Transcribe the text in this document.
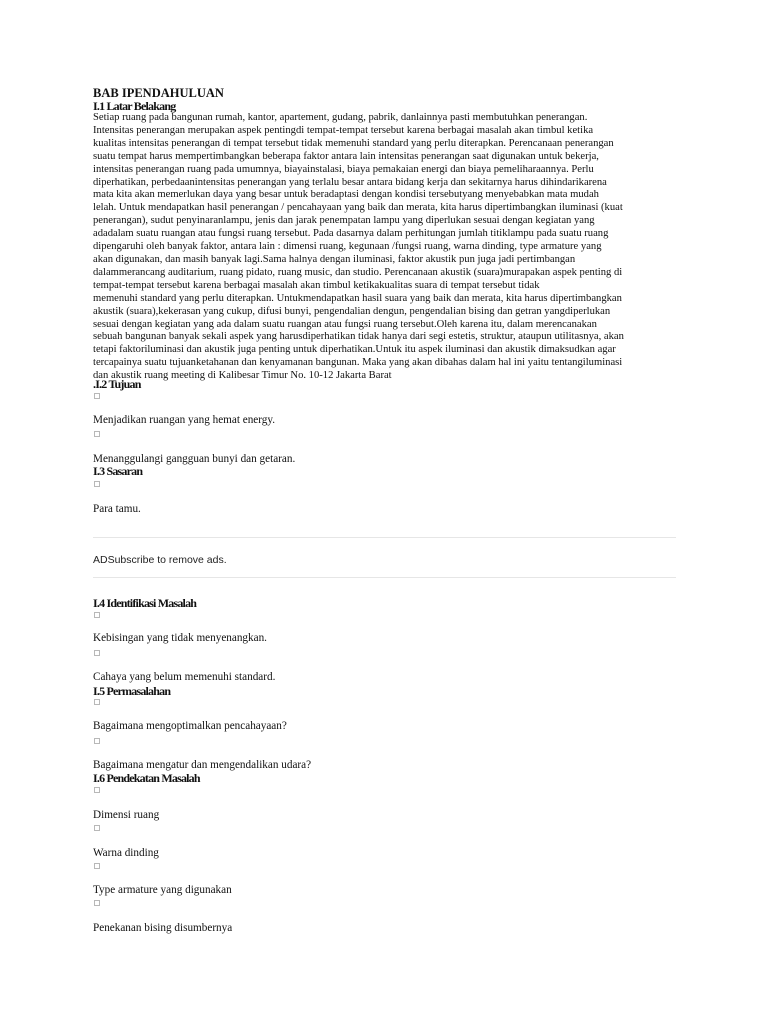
BAB IPENDAHULUAN
I.1 Latar Belakang
Setiap ruang pada bangunan rumah, kantor, apartement, gudang, pabrik, danlainnya pasti membutuhkan penerangan.
Intensitas penerangan merupakan aspek pentingdi tempat-tempat tersebut karena berbagai masalah akan timbul ketika
kualitas intensitas penerangan di tempat tersebut tidak memenuhi standard yang perlu diterapkan. Perencanaan penerangan
suatu tempat harus mempertimbangkan beberapa faktor antara lain intensitas penerangan saat digunakan untuk bekerja,
intensitas penerangan ruang pada umumnya, biayainstalasi, biaya pemakaian energi dan biaya pemeliharaannya. Perlu
diperhatikan, perbedaanintensitas penerangan yang terlalu besar antara bidang kerja dan sekitarnya harus dihindarikarena
mata kita akan memerlukan daya yang besar untuk beradaptasi dengan kondisi tersebutyang menyebabkan mata mudah
lelah. Untuk mendapatkan hasil penerangan / pencahayaan yang baik dan merata, kita harus dipertimbangkan iluminasi (kuat
penerangan), sudut penyinaranlampu, jenis dan jarak penempatan lampu yang diperlukan sesuai dengan kegiatan yang
adadalam suatu ruangan atau fungsi ruang tersebut. Pada dasarnya dalam perhitungan jumlah titiklampu pada suatu ruang
dipengaruhi oleh banyak faktor, antara lain : dimensi ruang, kegunaan /fungsi ruang, warna dinding, type armature yang
akan digunakan, dan masih banyak lagi.Sama halnya dengan iluminasi, faktor akustik pun juga jadi pertimbangan
dalammerancang auditarium, ruang pidato, ruang music, dan studio. Perencanaan akustik (suara)murapakan aspek penting di
tempat-tempat tersebut karena berbagai masalah akan timbul ketikakualitas suara di tempat tersebut tidak
memenuhi standard yang perlu diterapkan. Untukmendapatkan hasil suara yang baik dan merata, kita harus dipertimbangkan
akustik (suara),kekerasan yang cukup, difusi bunyi, pengendalian dengun, pengendalian bising dan getran yangdiperlukan
sesuai dengan kegiatan yang ada dalam suatu ruangan atau fungsi ruang tersebut.Oleh karena itu, dalam merencanakan
sebuah bangunan banyak sekali aspek yang harusdiperhatikan tidak hanya dari segi estetis, struktur, ataupun utilitasnya, akan
tetapi faktoriluminasi dan akustik juga penting untuk diperhatikan.Untuk itu aspek iluminasi dan akustik dimaksudkan agar
tercapainya suatu tujuanketahanan dan kenyamanan bangunan. Maka yang akan dibahas dalam hal ini yaitu tentangiluminasi
dan akustik ruang meeting di Kalibesar Timur No. 10-12 Jakarta Barat
.I.2 Tujuan
Menjadikan ruangan yang hemat energy.
Menanggulangi gangguan bunyi dan getaran.
I.3 Sasaran
Para tamu.
ADSubscribe to remove ads.
I.4 Identifikasi Masalah
Kebisingan yang tidak menyenangkan.
Cahaya yang belum memenuhi standard.
I.5 Permasalahan
Bagaimana mengoptimalkan pencahayaan?
Bagaimana mengatur dan mengendalikan udara?
I.6 Pendekatan Masalah
Dimensi ruang
Warna dinding
Type armature yang digunakan
Penekanan bising disumbernya
